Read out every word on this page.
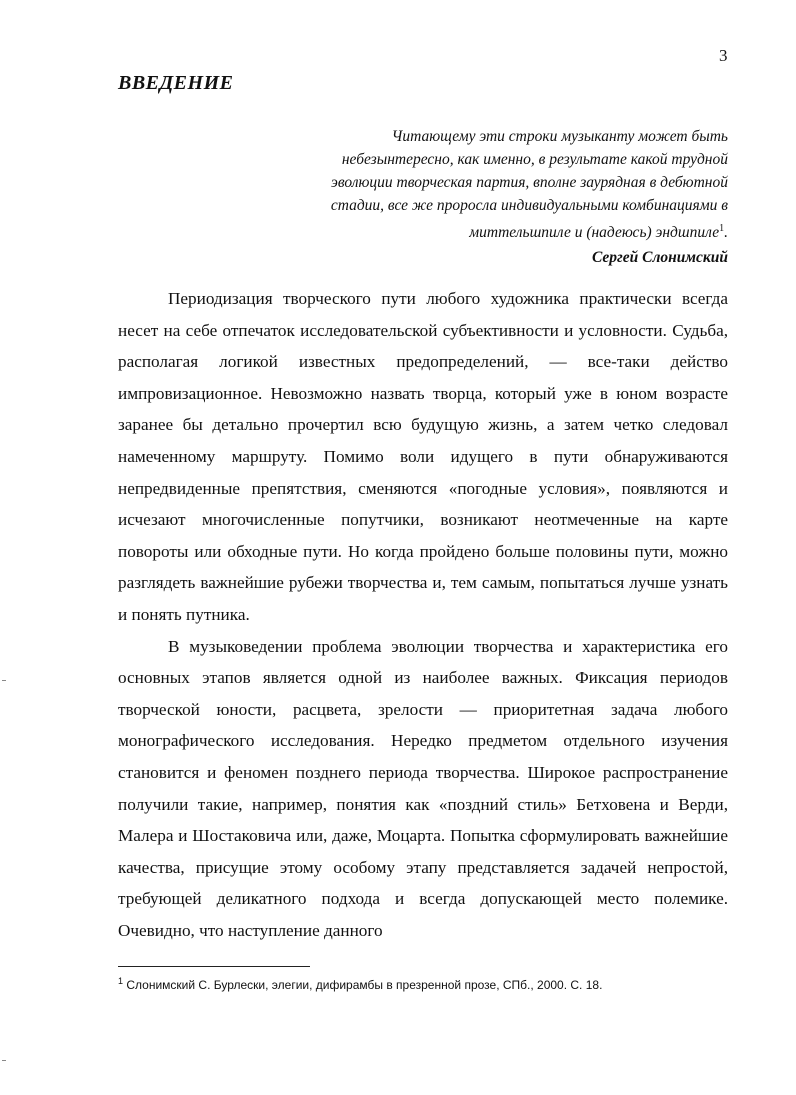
3
ВВЕДЕНИЕ

Читающему эти строки музыканту может быть небезынтересно, как именно, в результате какой трудной эволюции творческая партия, вполне заурядная в дебютной стадии, все же проросла индивидуальными комбинациями в миттельшпиле и (надеюсь) эндшпиле$^1$.

Сергей Слонимский

Периодизация творческого пути любого художника практически всегда несет на себе отпечаток исследовательской субъективности и условности. Судьба, располагая логикой известных предопределений, — все-таки действо импровизационное. Невозможно назвать творца, который уже в юном возрасте заранее бы детально прочертил всю будущую жизнь, а затем четко следовал намеченному маршруту. Помимо воли идущего в пути обнаруживаются непредвиденные препятствия, сменяются «погодные условия», появляются и исчезают многочисленные попутчики, возникают неотмеченные на карте повороты или обходные пути. Но когда пройдено больше половины пути, можно разглядеть важнейшие рубежи творчества и, тем самым, попытаться лучше узнать и понять путника.

В музыковедении проблема эволюции творчества и характеристика его основных этапов является одной из наиболее важных. Фиксация периодов творческой юности, расцвета, зрелости — приоритетная задача любого монографического исследования. Нередко предметом отдельного изучения становится и феномен позднего периода творчества. Широкое распространение получили такие, например, понятия как «поздний стиль» Бетховена и Верди, Малера и Шостаковича или, даже, Моцарта. Попытка сформулировать важнейшие качества, присущие этому особому этапу представляется задачей непростой, требующей деликатного подхода и всегда допускающей место полемике. Очевидно, что наступление данного

$^1$ Слонимский С. Бурлески, элегии, дифирамбы в презренной прозе, СПб., 2000. С. 18.
